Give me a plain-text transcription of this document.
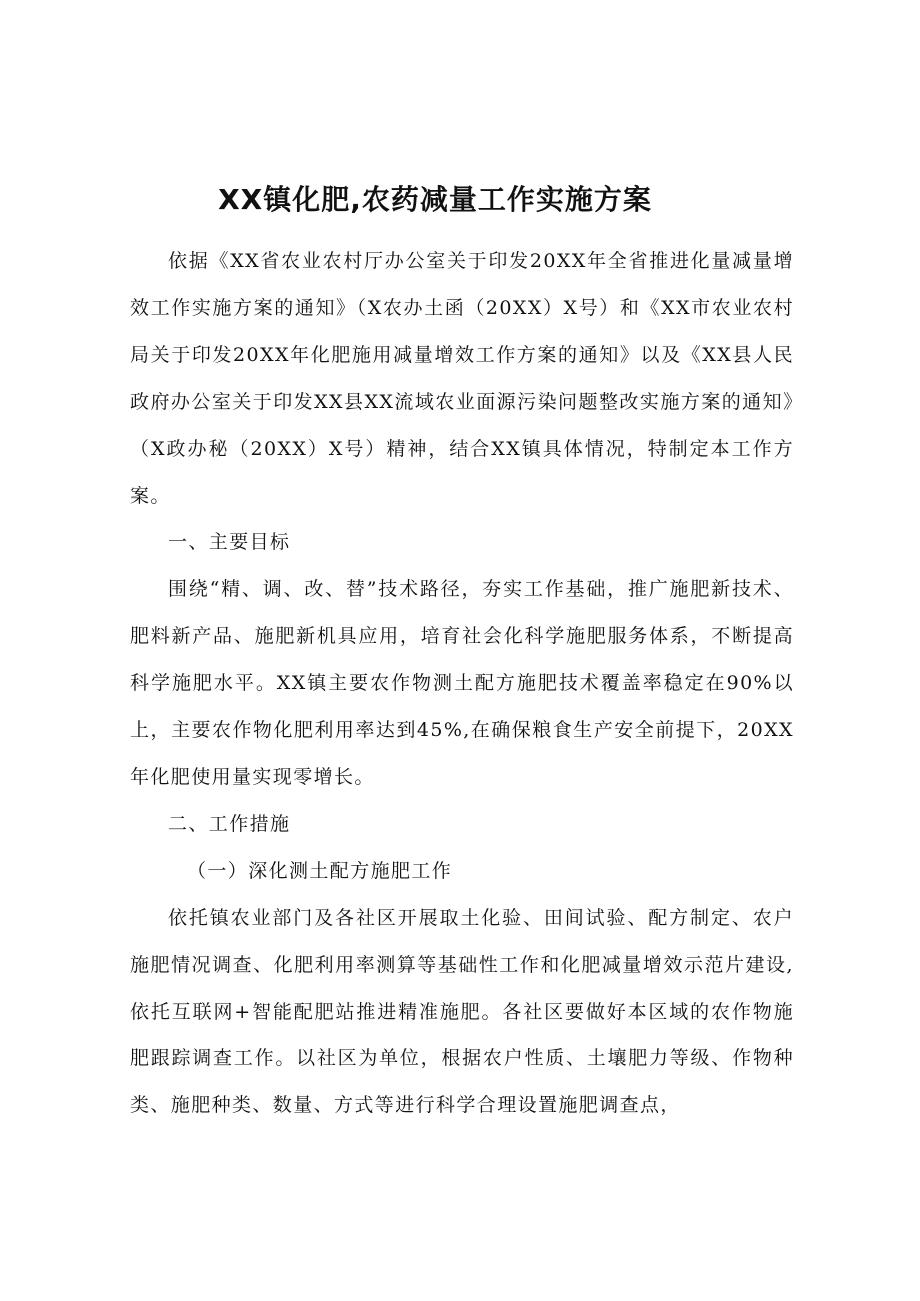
XX镇化肥,农药减量工作实施方案

依据《XX省农业农村厅办公室关于印发20XX年全省推进化量减量增效工作实施方案的通知》（X农办土函（20XX）X号）和《XX市农业农村局关于印发20XX年化肥施用减量增效工作方案的通知》以及《XX县人民政府办公室关于印发XX县XX流域农业面源污染问题整改实施方案的通知》（X政办秘（20XX）X号）精神，结合XX镇具体情况，特制定本工作方案。

一、主要目标

围绕“精、调、改、替”技术路径，夯实工作基础，推广施肥新技术、肥料新产品、施肥新机具应用，培育社会化科学施肥服务体系，不断提高科学施肥水平。XX镇主要农作物测土配方施肥技术覆盖率稳定在90%以上，主要农作物化肥利用率达到45%,在确保粮食生产安全前提下，20XX年化肥使用量实现零增长。

二、工作措施

（一）深化测土配方施肥工作

依托镇农业部门及各社区开展取土化验、田间试验、配方制定、农户施肥情况调查、化肥利用率测算等基础性工作和化肥减量增效示范片建设,依托互联网+智能配肥站推进精准施肥。各社区要做好本区域的农作物施肥跟踪调查工作。以社区为单位，根据农户性质、土壤肥力等级、作物种类、施肥种类、数量、方式等进行科学合理设置施肥调查点，
